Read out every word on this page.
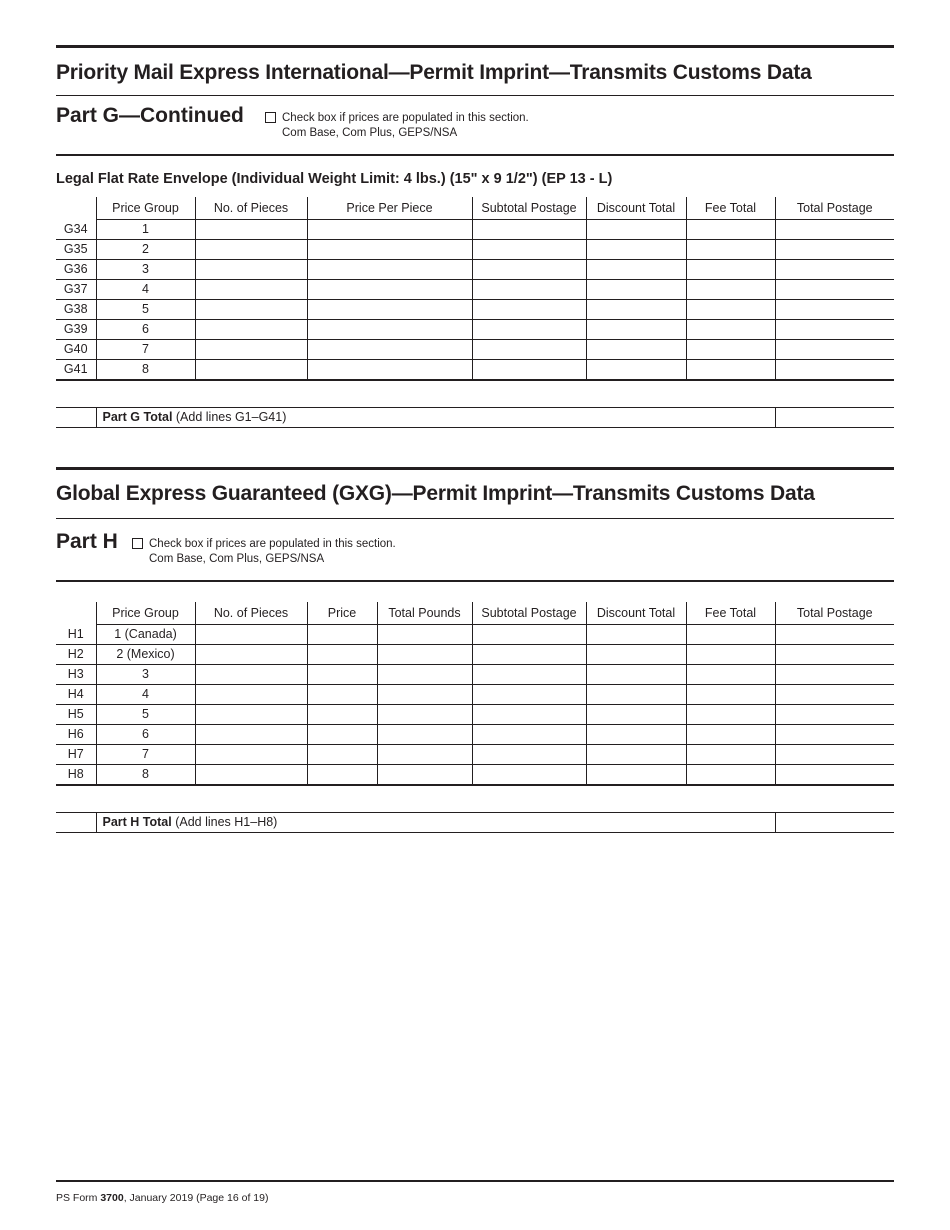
Priority Mail Express International—Permit Imprint—Transmits Customs Data
Part G—Continued	Check box if prices are populated in this section.
Com Base, Com Plus, GEPS/NSA
Legal Flat Rate Envelope (Individual Weight Limit: 4 lbs.) (15" x 9 1/2") (EP 13 - L)
	Price Group	No. of Pieces	Price Per Piece	Subtotal Postage	Discount Total	Fee Total	Total Postage
G34	1						
G35	2						
G36	3						
G37	4						
G38	5						
G39	6						
G40	7						
G41	8						
	Part G Total (Add lines G1–G41)	
Global Express Guaranteed (GXG)—Permit Imprint—Transmits Customs Data
Part H	Check box if prices are populated in this section.
Com Base, Com Plus, GEPS/NSA
	Price Group	No. of Pieces	Price	Total Pounds	Subtotal Postage	Discount Total	Fee Total	Total Postage
H1	1 (Canada)							
H2	2 (Mexico)							
H3	3							
H4	4							
H5	5							
H6	6							
H7	7							
H8	8							
	Part H Total (Add lines H1–H8)	
PS Form 3700, January 2019 (Page 16 of 19)
